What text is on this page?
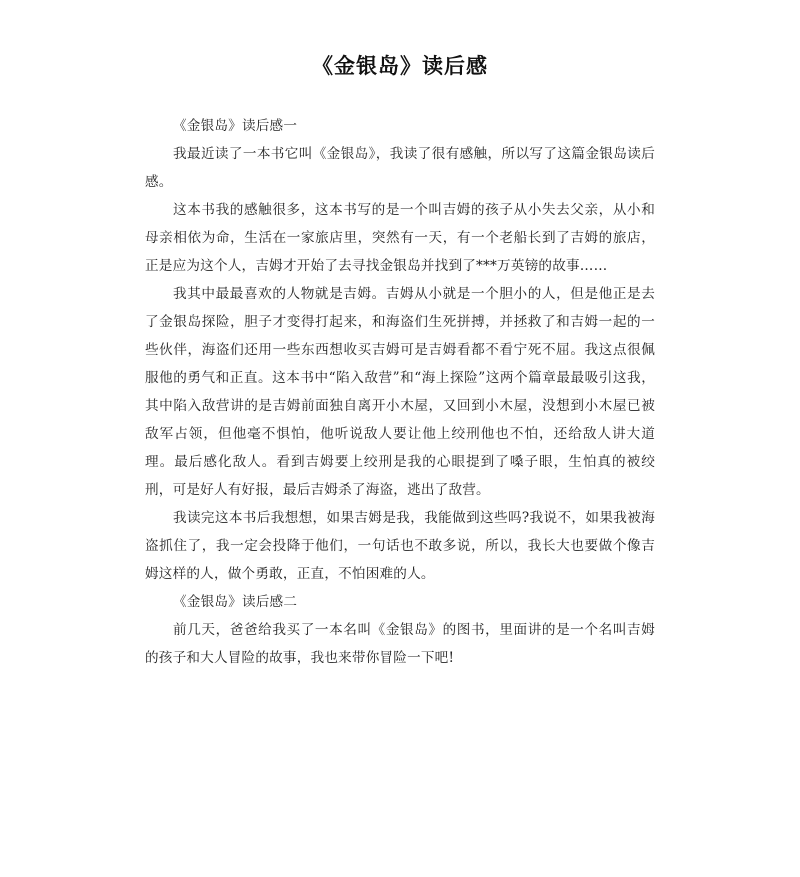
《金银岛》读后感

《金银岛》读后感一

我最近读了一本书它叫《金银岛》，我读了很有感触，所以写了这篇金银岛读后感。

这本书我的感触很多，这本书写的是一个叫吉姆的孩子从小失去父亲，从小和母亲相依为命，生活在一家旅店里，突然有一天，有一个老船长到了吉姆的旅店，正是应为这个人，吉姆才开始了去寻找金银岛并找到了***万英镑的故事……

我其中最最喜欢的人物就是吉姆。吉姆从小就是一个胆小的人，但是他正是去了金银岛探险，胆子才变得打起来，和海盗们生死拼搏，并拯救了和吉姆一起的一些伙伴，海盗们还用一些东西想收买吉姆可是吉姆看都不看宁死不屈。我这点很佩服他的勇气和正直。这本书中“陷入敌营”和“海上探险”这两个篇章最最吸引这我，其中陷入敌营讲的是吉姆前面独自离开小木屋，又回到小木屋，没想到小木屋已被敌军占领，但他毫不惧怕，他听说敌人要让他上绞刑他也不怕，还给敌人讲大道理。最后感化敌人。看到吉姆要上绞刑是我的心眼提到了嗓子眼，生怕真的被绞刑，可是好人有好报，最后吉姆杀了海盗，逃出了敌营。

我读完这本书后我想想，如果吉姆是我，我能做到这些吗?我说不，如果我被海盗抓住了，我一定会投降于他们，一句话也不敢多说，所以，我长大也要做个像吉姆这样的人，做个勇敢，正直，不怕困难的人。

《金银岛》读后感二

前几天，爸爸给我买了一本名叫《金银岛》的图书，里面讲的是一个名叫吉姆的孩子和大人冒险的故事，我也来带你冒险一下吧!
